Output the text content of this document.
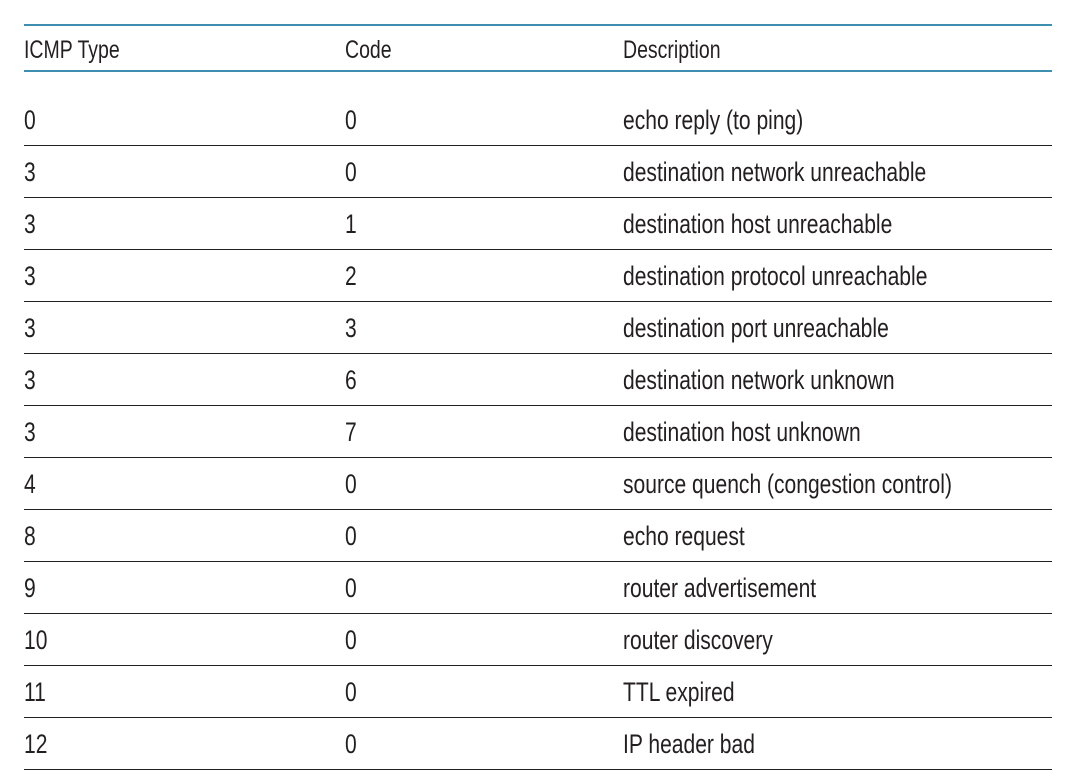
ICMP Type	Code	Description
0	0	echo reply (to ping)
3	0	destination network unreachable
3	1	destination host unreachable
3	2	destination protocol unreachable
3	3	destination port unreachable
3	6	destination network unknown
3	7	destination host unknown
4	0	source quench (congestion control)
8	0	echo request
9	0	router advertisement
10	0	router discovery
11	0	TTL expired
12	0	IP header bad
